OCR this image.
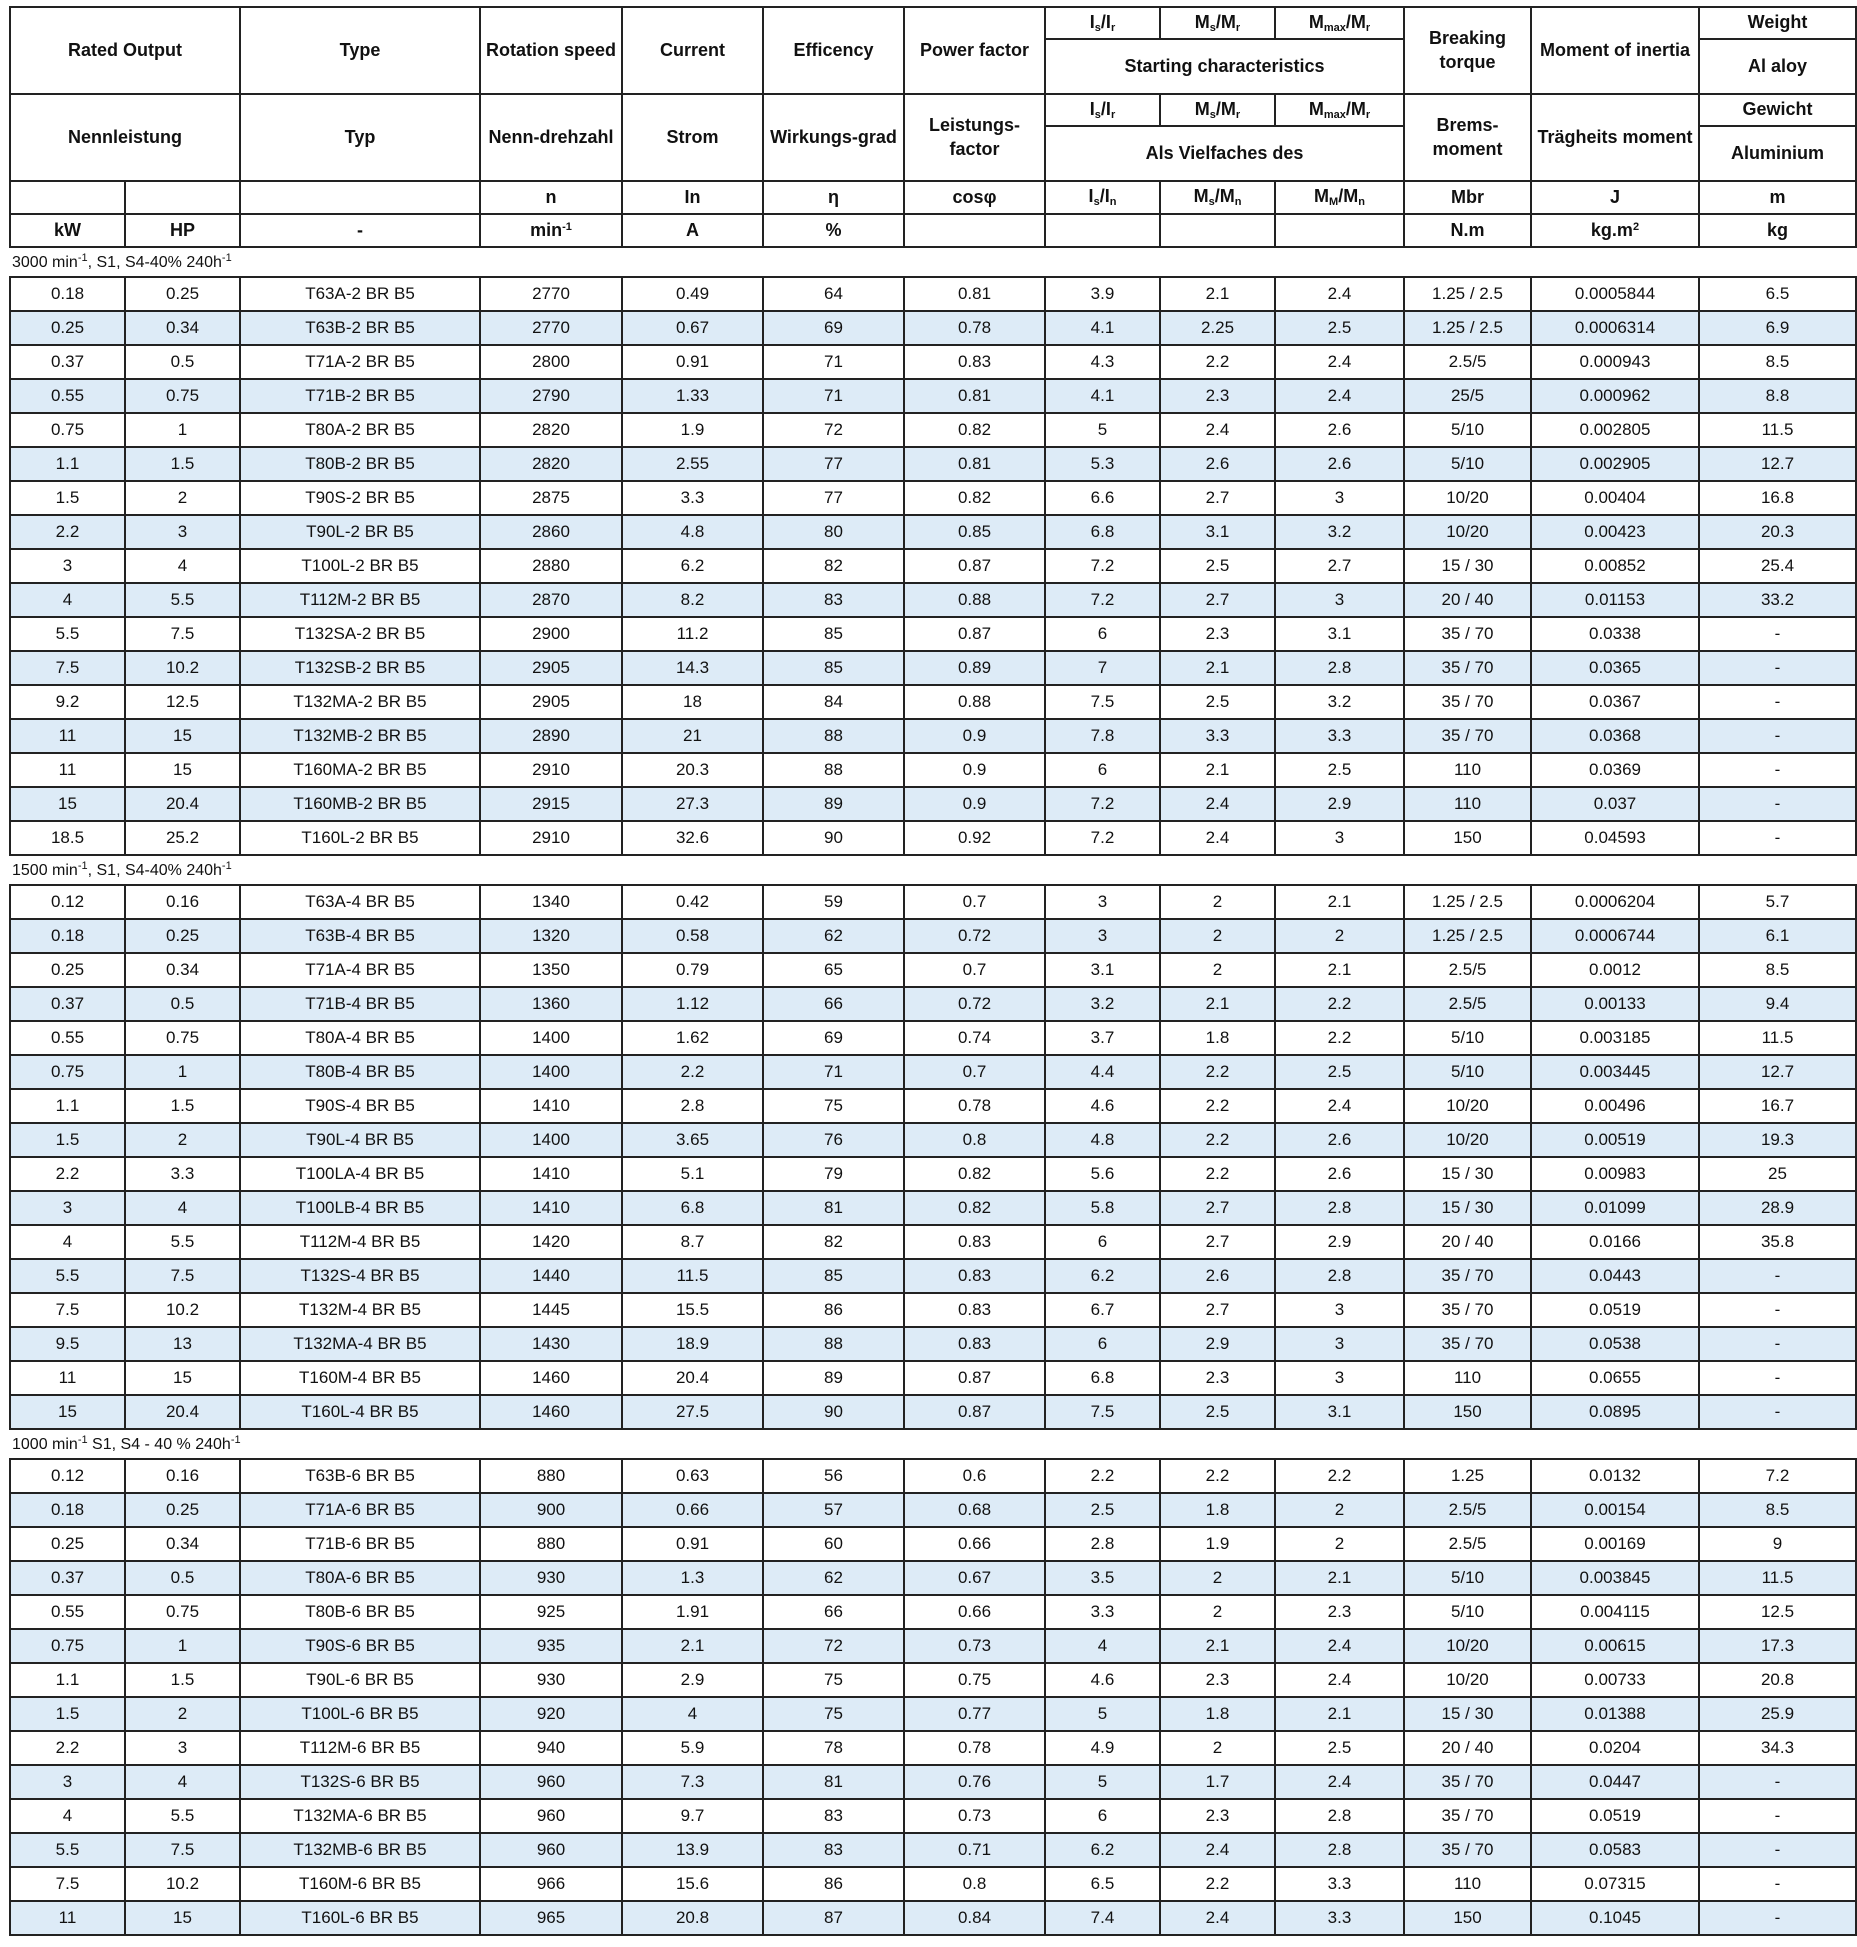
Rated Output		Type	Rotation speed	Current	Efficency	Power factor	$I_s/I_r$	$M_s/M_r$	$M_{max}/M_r$	Breaking torque	Moment of inertia	Weight
							Starting characteristics					Al aloy
Nennleistung		Typ	Nenn-drehzahl	Strom	Wirkungs-grad	Leistungs-factor	$I_s/I_r$	$M_s/M_r$	$M_{max}/M_r$	Brems-moment	Trägheits moment	Gewicht
							Als Vielfaches des					Aluminium
			n	In	η	cosφ	$I_s/I_n$	$M_s/M_n$	$M_M/M_n$	Mbr	J	m
kW	HP	-	$\min^{-1}$	A	%					N.m	$kg.m^2$	kg
3000 $\min^{-1}$, S1, S4-40% $240h^{-1}$
0.18	0.25	T63A-2 BR B5	2770	0.49	64	0.81	3.9	2.1	2.4	1.25 / 2.5	0.0005844	6.5
0.25	0.34	T63B-2 BR B5	2770	0.67	69	0.78	4.1	2.25	2.5	1.25 / 2.5	0.0006314	6.9
0.37	0.5	T71A-2 BR B5	2800	0.91	71	0.83	4.3	2.2	2.4	2.5/5	0.000943	8.5
0.55	0.75	T71B-2 BR B5	2790	1.33	71	0.81	4.1	2.3	2.4	25/5	0.000962	8.8
0.75	1	T80A-2 BR B5	2820	1.9	72	0.82	5	2.4	2.6	5/10	0.002805	11.5
1.1	1.5	T80B-2 BR B5	2820	2.55	77	0.81	5.3	2.6	2.6	5/10	0.002905	12.7
1.5	2	T90S-2 BR B5	2875	3.3	77	0.82	6.6	2.7	3	10/20	0.00404	16.8
2.2	3	T90L-2 BR B5	2860	4.8	80	0.85	6.8	3.1	3.2	10/20	0.00423	20.3
3	4	T100L-2 BR B5	2880	6.2	82	0.87	7.2	2.5	2.7	15 / 30	0.00852	25.4
4	5.5	T112M-2 BR B5	2870	8.2	83	0.88	7.2	2.7	3	20 / 40	0.01153	33.2
5.5	7.5	T132SA-2 BR B5	2900	11.2	85	0.87	6	2.3	3.1	35 / 70	0.0338	-
7.5	10.2	T132SB-2 BR B5	2905	14.3	85	0.89	7	2.1	2.8	35 / 70	0.0365	-
9.2	12.5	T132MA-2 BR B5	2905	18	84	0.88	7.5	2.5	3.2	35 / 70	0.0367	-
11	15	T132MB-2 BR B5	2890	21	88	0.9	7.8	3.3	3.3	35 / 70	0.0368	-
11	15	T160MA-2 BR B5	2910	20.3	88	0.9	6	2.1	2.5	110	0.0369	-
15	20.4	T160MB-2 BR B5	2915	27.3	89	0.9	7.2	2.4	2.9	110	0.037	-
18.5	25.2	T160L-2 BR B5	2910	32.6	90	0.92	7.2	2.4	3	150	0.04593	-
1500 $\min^{-1}$, S1, S4-40% $240h^{-1}$
0.12	0.16	T63A-4 BR B5	1340	0.42	59	0.7	3	2	2.1	1.25 / 2.5	0.0006204	5.7
0.18	0.25	T63B-4 BR B5	1320	0.58	62	0.72	3	2	2	1.25 / 2.5	0.0006744	6.1
0.25	0.34	T71A-4 BR B5	1350	0.79	65	0.7	3.1	2	2.1	2.5/5	0.0012	8.5
0.37	0.5	T71B-4 BR B5	1360	1.12	66	0.72	3.2	2.1	2.2	2.5/5	0.00133	9.4
0.55	0.75	T80A-4 BR B5	1400	1.62	69	0.74	3.7	1.8	2.2	5/10	0.003185	11.5
0.75	1	T80B-4 BR B5	1400	2.2	71	0.7	4.4	2.2	2.5	5/10	0.003445	12.7
1.1	1.5	T90S-4 BR B5	1410	2.8	75	0.78	4.6	2.2	2.4	10/20	0.00496	16.7
1.5	2	T90L-4 BR B5	1400	3.65	76	0.8	4.8	2.2	2.6	10/20	0.00519	19.3
2.2	3.3	T100LA-4 BR B5	1410	5.1	79	0.82	5.6	2.2	2.6	15 / 30	0.00983	25
3	4	T100LB-4 BR B5	1410	6.8	81	0.82	5.8	2.7	2.8	15 / 30	0.01099	28.9
4	5.5	T112M-4 BR B5	1420	8.7	82	0.83	6	2.7	2.9	20 / 40	0.0166	35.8
5.5	7.5	T132S-4 BR B5	1440	11.5	85	0.83	6.2	2.6	2.8	35 / 70	0.0443	-
7.5	10.2	T132M-4 BR B5	1445	15.5	86	0.83	6.7	2.7	3	35 / 70	0.0519	-
9.5	13	T132MA-4 BR B5	1430	18.9	88	0.83	6	2.9	3	35 / 70	0.0538	-
11	15	T160M-4 BR B5	1460	20.4	89	0.87	6.8	2.3	3	110	0.0655	-
15	20.4	T160L-4 BR B5	1460	27.5	90	0.87	7.5	2.5	3.1	150	0.0895	-
1000 $\min^{-1} S1$, S4 - 40 % $240h^{-1}$
0.12	0.16	T63B-6 BR B5	880	0.63	56	0.6	2.2	2.2	2.2	1.25	0.0132	7.2
0.18	0.25	T71A-6 BR B5	900	0.66	57	0.68	2.5	1.8	2	2.5/5	0.00154	8.5
0.25	0.34	T71B-6 BR B5	880	0.91	60	0.66	2.8	1.9	2	2.5/5	0.00169	9
0.37	0.5	T80A-6 BR B5	930	1.3	62	0.67	3.5	2	2.1	5/10	0.003845	11.5
0.55	0.75	T80B-6 BR B5	925	1.91	66	0.66	3.3	2	2.3	5/10	0.004115	12.5
0.75	1	T90S-6 BR B5	935	2.1	72	0.73	4	2.1	2.4	10/20	0.00615	17.3
1.1	1.5	T90L-6 BR B5	930	2.9	75	0.75	4.6	2.3	2.4	10/20	0.00733	20.8
1.5	2	T100L-6 BR B5	920	4	75	0.77	5	1.8	2.1	15 / 30	0.01388	25.9
2.2	3	T112M-6 BR B5	940	5.9	78	0.78	4.9	2	2.5	20 / 40	0.0204	34.3
3	4	T132S-6 BR B5	960	7.3	81	0.76	5	1.7	2.4	35 / 70	0.0447	-
4	5.5	T132MA-6 BR B5	960	9.7	83	0.73	6	2.3	2.8	35 / 70	0.0519	-
5.5	7.5	T132MB-6 BR B5	960	13.9	83	0.71	6.2	2.4	2.8	35 / 70	0.0583	-
7.5	10.2	T160M-6 BR B5	966	15.6	86	0.8	6.5	2.2	3.3	110	0.07315	-
11	15	T160L-6 BR B5	965	20.8	87	0.84	7.4	2.4	3.3	150	0.1045	-
